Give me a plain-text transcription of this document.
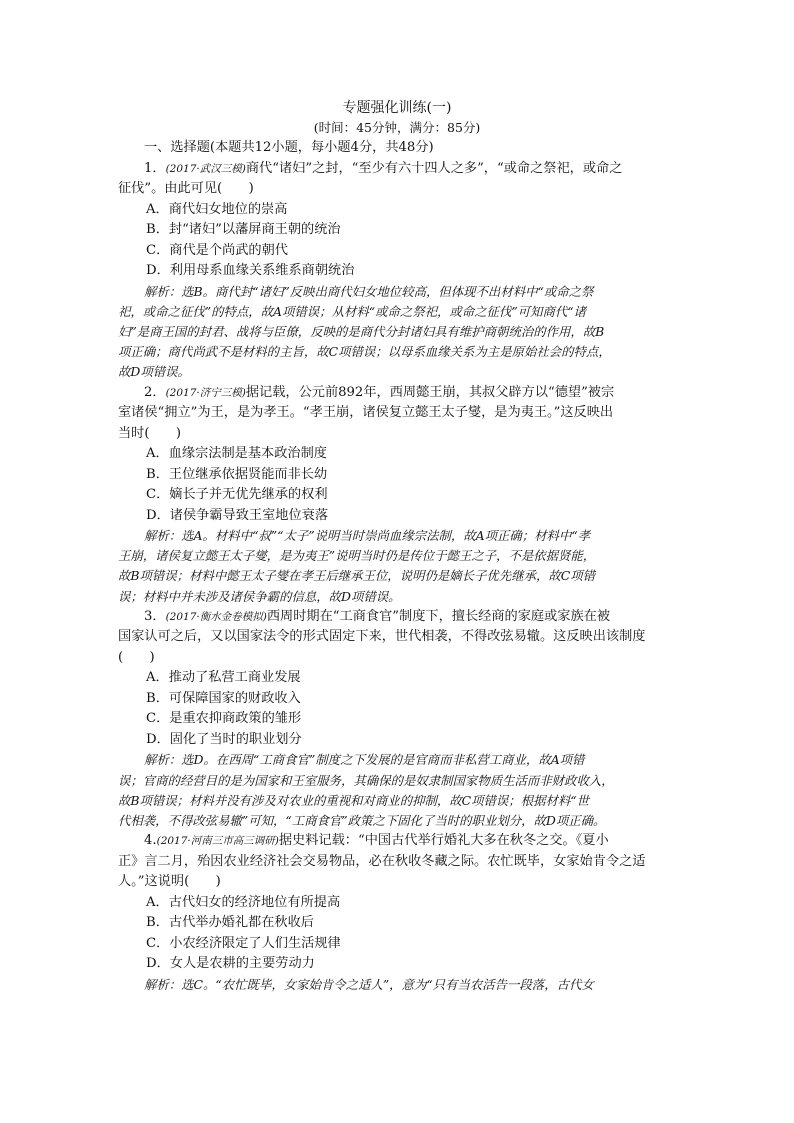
专题强化训练(一)
(时间：45分钟，满分：85分)
一、选择题(本题共12小题，每小题4分，共48分)
1．(2017·武汉三模)商代“诸妇”之封，“至少有六十四人之多”，“或命之祭祀，或命之
征伐”。由此可见(　　)
A．商代妇女地位的崇高
B．封“诸妇”以藩屏商王朝的统治
C．商代是个尚武的朝代
D．利用母系血缘关系维系商朝统治
解析：选B。商代封“诸妇”反映出商代妇女地位较高，但体现不出材料中“或命之祭
祀，或命之征伐”的特点，故A项错误；从材料“或命之祭祀，或命之征伐”可知商代“诸
妇”是商王国的封君、战将与臣僚，反映的是商代分封诸妇具有维护商朝统治的作用，故B
项正确；商代尚武不是材料的主旨，故C项错误；以母系血缘关系为主是原始社会的特点，
故D项错误。
2．(2017·济宁三模)据记载，公元前892年，西周懿王崩，其叔父辟方以“德望”被宗
室诸侯“拥立”为王，是为孝王。“孝王崩，诸侯复立懿王太子燮，是为夷王。”这反映出
当时(　　)
A．血缘宗法制是基本政治制度
B．王位继承依据贤能而非长幼
C．嫡长子并无优先继承的权利
D．诸侯争霸导致王室地位衰落
解析：选A。材料中“叔”“太子”说明当时崇尚血缘宗法制，故A项正确；材料中“孝
王崩，诸侯复立懿王太子燮，是为夷王”说明当时仍是传位于懿王之子，不是依据贤能，
故B项错误；材料中懿王太子燮在孝王后继承王位，说明仍是嫡长子优先继承，故C项错
误；材料中并未涉及诸侯争霸的信息，故D项错误。
3．(2017·衡水金卷模拟)西周时期在“工商食官”制度下，擅长经商的家庭或家族在被
国家认可之后，又以国家法令的形式固定下来，世代相袭，不得改弦易辙。这反映出该制度
(　　)
A．推动了私营工商业发展
B．可保障国家的财政收入
C．是重农抑商政策的雏形
D．固化了当时的职业划分
解析：选D。在西周“工商食官”制度之下发展的是官商而非私营工商业，故A项错
误；官商的经营目的是为国家和王室服务，其确保的是奴隶制国家物质生活而非财政收入，
故B项错误；材料并没有涉及对农业的重视和对商业的抑制，故C项错误；根据材料“世
代相袭，不得改弦易辙”可知，“工商食官”政策之下固化了当时的职业划分，故D项正确。
4.(2017·河南三市高三调研)据史料记载：“中国古代举行婚礼大多在秋冬之交。《夏小
正》言二月，殆因农业经济社会交易物品，必在秋收冬藏之际。农忙既毕，女家始肯令之适
人。”这说明(　　)
A．古代妇女的经济地位有所提高
B．古代举办婚礼都在秋收后
C．小农经济限定了人们生活规律
D．女人是农耕的主要劳动力
解析：选C。“农忙既毕，女家始肯令之适人”，意为“只有当农活告一段落，古代女
